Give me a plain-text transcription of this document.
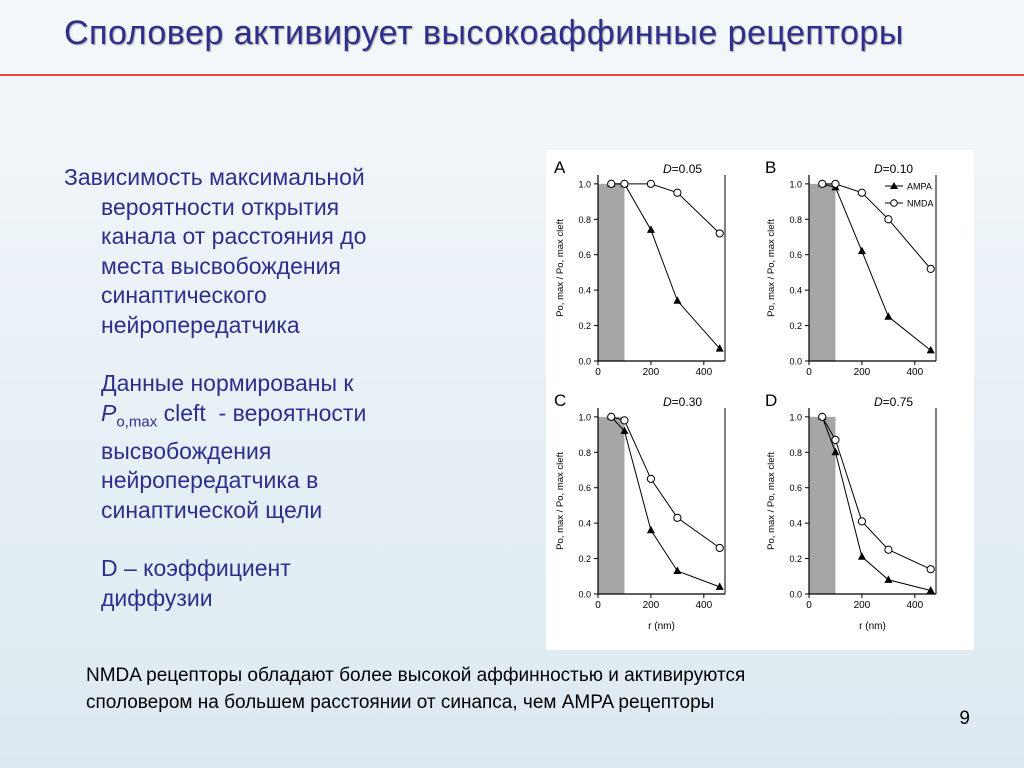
Споловер активирует высокоаффинные рецепторы

Зависимость максимальной
вероятности открытия
канала от расстояния до
места высвобождения
синаптического
нейропередатчика

Данные нормированы к
$P_{o,max}$ cleft  - вероятности
высвобождения
нейропередатчика в
синаптической щели

D – коэффициент
диффузии

0.0
0.2
0.4
0.6
0.8
1.0
0	200	400
A	D=0.05
Po, max / Po, max cleft
0.0
0.2
0.4
0.6
0.8
1.0
0	200	400
B	D=0.10
Po, max / Po, max cleft
AMPA
NMDA
0.0
0.2
0.4
0.6
0.8
1.0
0	200	400
C	D=0.30
Po, max / Po, max cleft
r (nm)
0.0
0.2
0.4
0.6
0.8
1.0
0	200	400
D	D=0.75
Po, max / Po, max cleft
r (nm)
NMDA рецепторы обладают более высокой аффинностью и активируются
споловером на большем расстоянии от синапса, чем AMPA рецепторы
9
